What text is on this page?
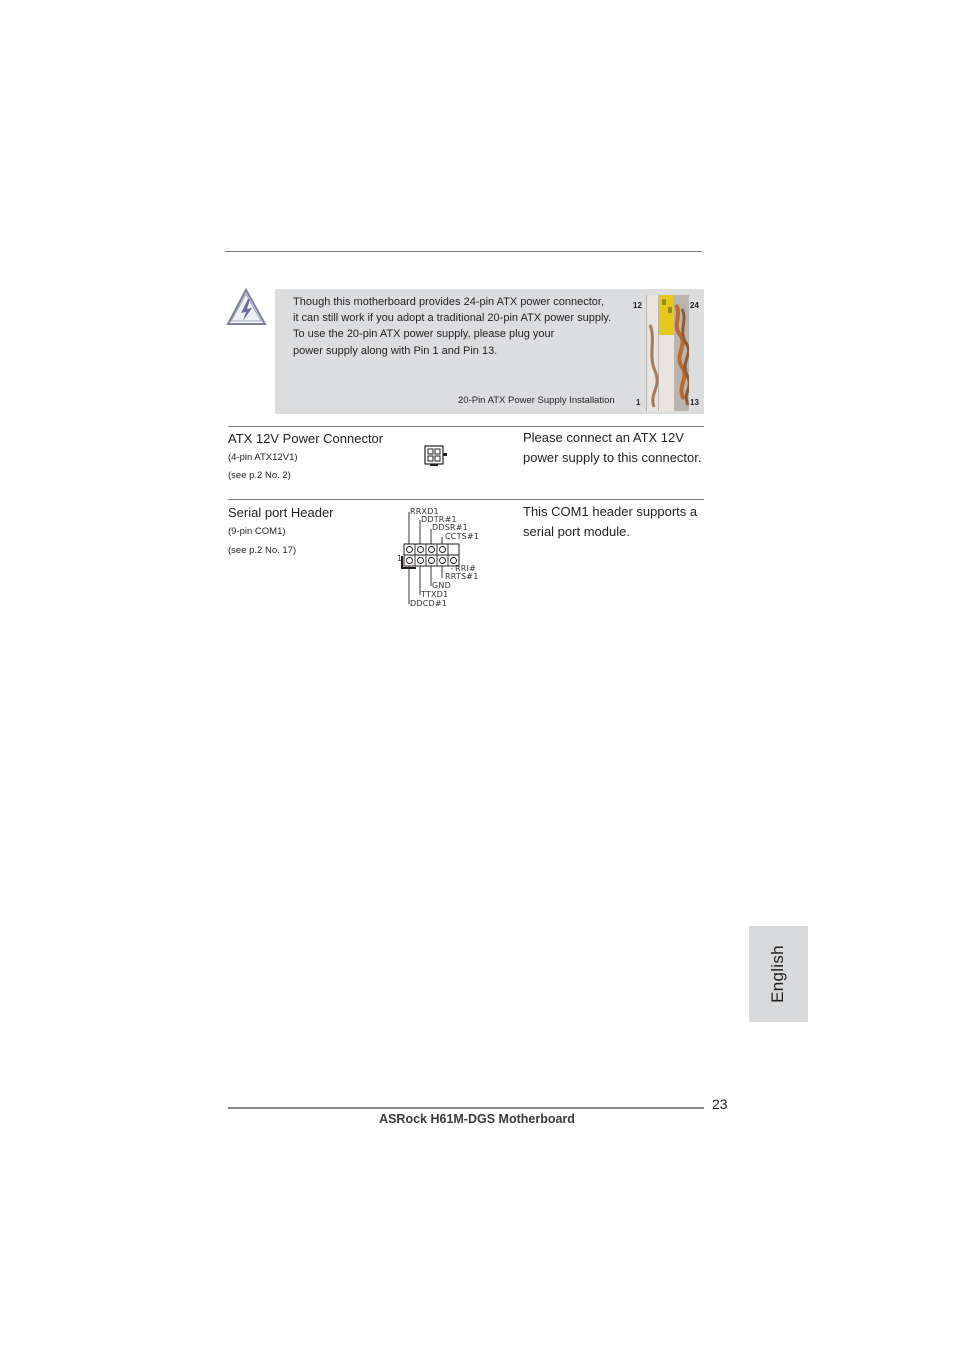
Though this motherboard provides 24-pin ATX power connector,
it can still work if you adopt a traditional 20-pin ATX power supply.
To use the 20-pin ATX power supply, please plug your
power supply along with Pin 1 and Pin 13.
20-Pin ATX Power Supply Installation
12	24
1	13
ATX 12V Power Connector
(4-pin ATX12V1)
(see p.2 No. 2)
Please connect an ATX 12V
power supply to this connector.
Serial port Header
(9-pin COM1)
(see p.2 No. 17)
This COM1 header supports a
serial port module.
1
RRXD1
DDTR#1
DDSR#1
CCTS#1
RRI#
RRTS#1
GND
TTXD1
DDCD#1
English
23
ASRock H61M-DGS Motherboard
